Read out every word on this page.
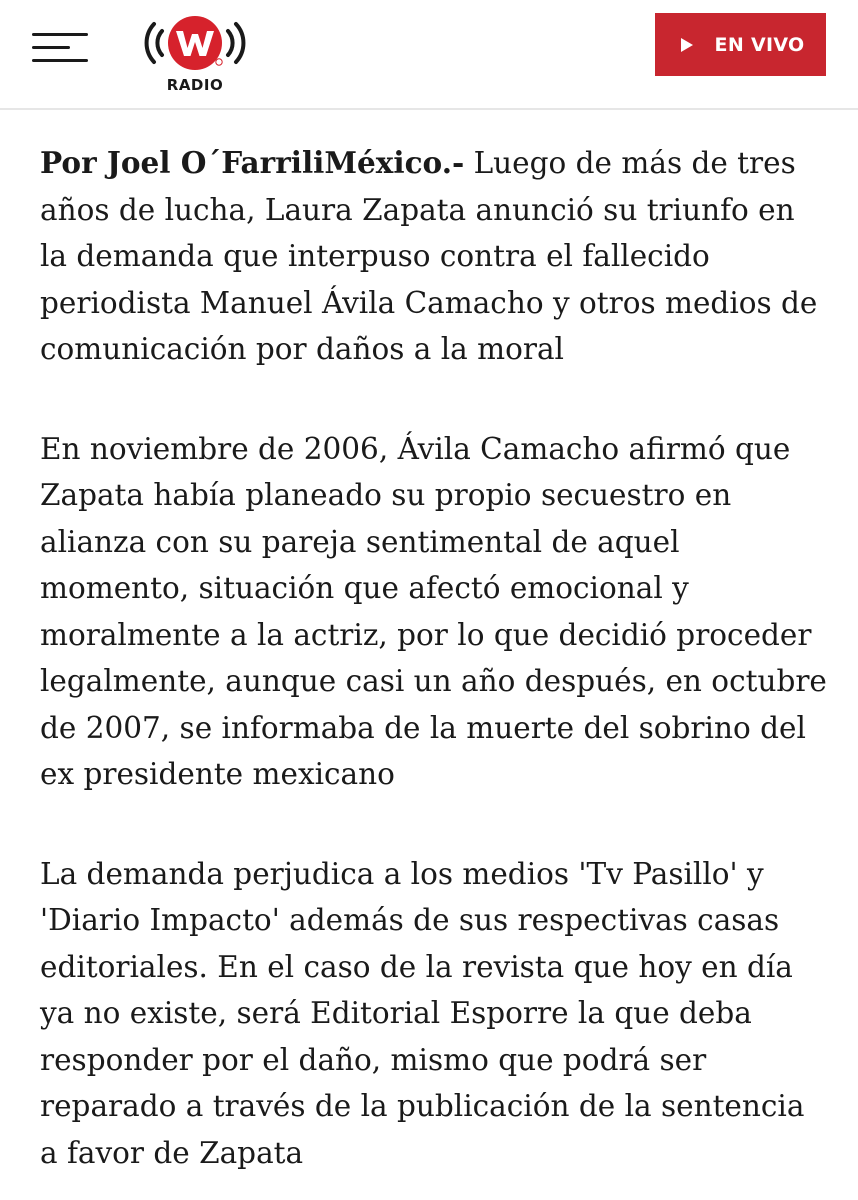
RADIO
EN VIVO

Por Joel O´FarriliMéxico.- Luego de más de tres años de lucha, Laura Zapata anunció su triunfo en la demanda que interpuso contra el fallecido periodista Manuel Ávila Camacho y otros medios de comunicación por daños a la moral

En noviembre de 2006, Ávila Camacho afirmó que Zapata había planeado su propio secuestro en alianza con su pareja sentimental de aquel momento, situación que afectó emocional y moralmente a la actriz, por lo que decidió proceder legalmente, aunque casi un año después, en octubre de 2007, se informaba de la muerte del sobrino del ex presidente mexicano

La demanda perjudica a los medios 'Tv Pasillo' y 'Diario Impacto' además de sus respectivas casas editoriales. En el caso de la revista que hoy en día ya no existe, será Editorial Esporre la que deba responder por el daño, mismo que podrá ser reparado a través de la publicación de la sentencia a favor de Zapata
